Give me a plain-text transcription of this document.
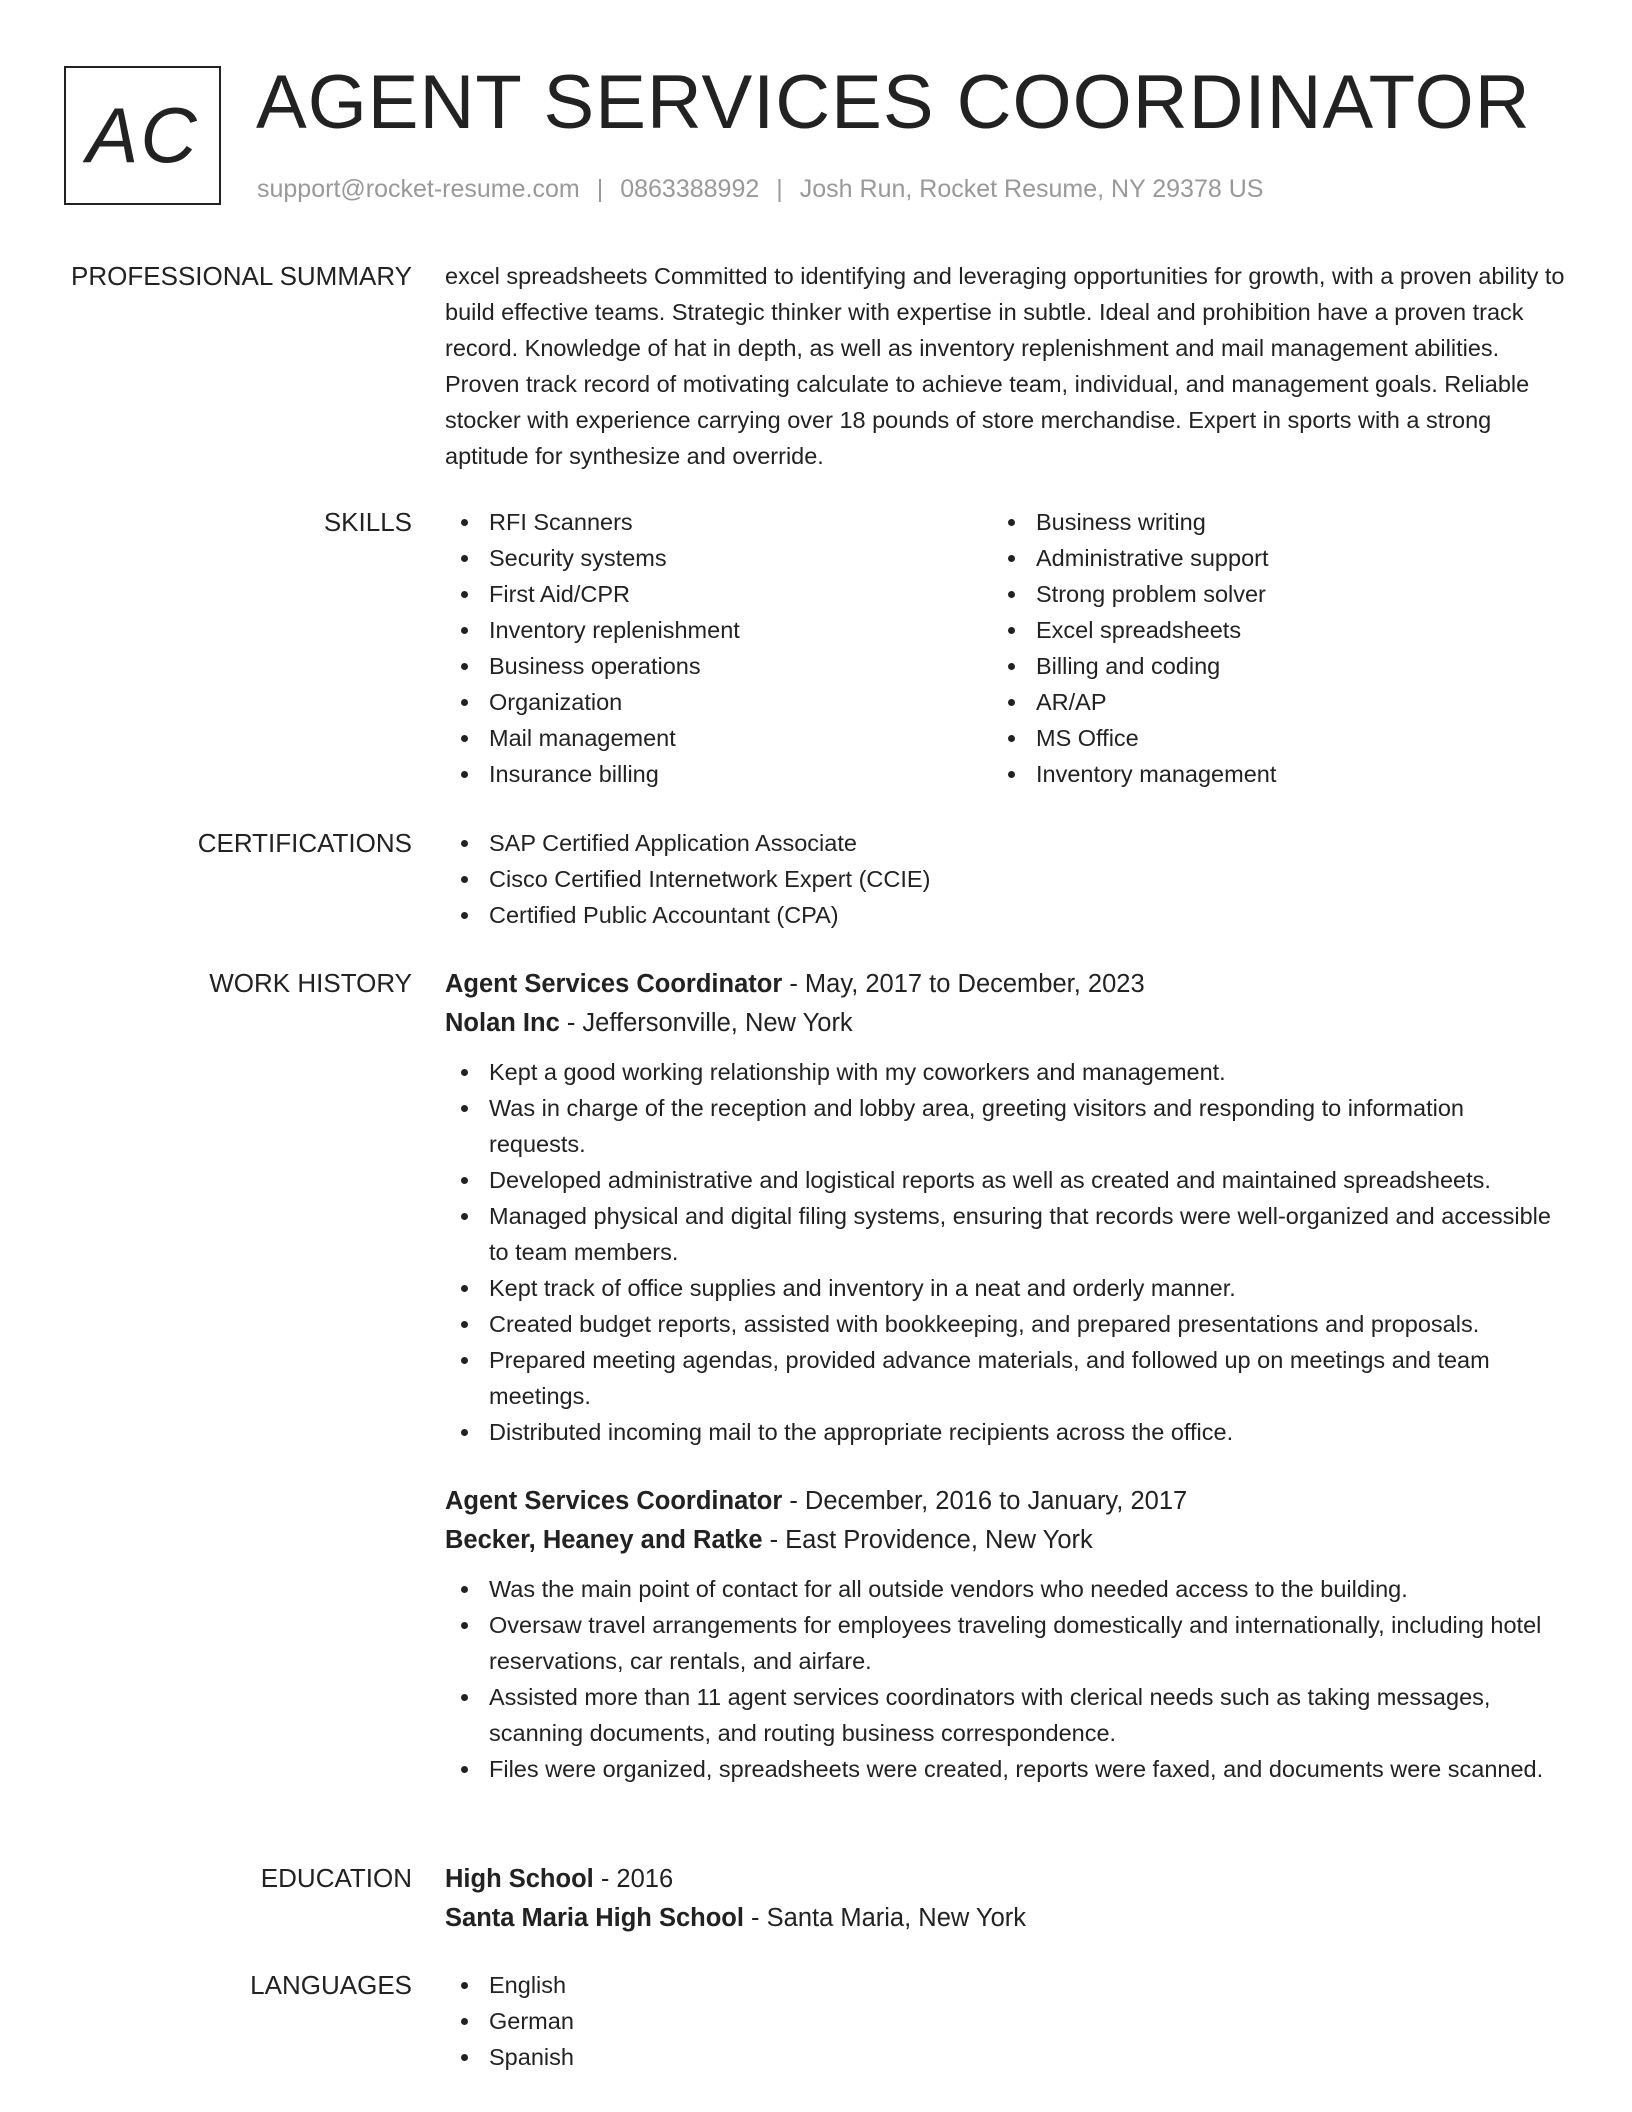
AC AGENT SERVICES COORDINATOR
support@rocket-resume.com | 0863388992 | Josh Run, Rocket Resume, NY 29378 US
PROFESSIONAL SUMMARY excel spreadsheets Committed to identifying and leveraging opportunities for growth, with a proven ability to build effective teams. Strategic thinker with expertise in subtle. Ideal and prohibition have a proven track record. Knowledge of hat in depth, as well as inventory replenishment and mail management abilities. Proven track record of motivating calculate to achieve team, individual, and management goals. Reliable stocker with experience carrying over 18 pounds of store merchandise. Expert in sports with a strong aptitude for synthesize and override.
SKILLS	RFI Scanners
Security systems
First Aid/CPR
Inventory replenishment
Business operations
Organization
Mail management
Insurance billing
Business writing
Administrative support
Strong problem solver
Excel spreadsheets
Billing and coding
AR/AP
MS Office
Inventory management
CERTIFICATIONS	SAP Certified Application Associate
Cisco Certified Internetwork Expert (CCIE)
Certified Public Accountant (CPA)
WORK HISTORY Agent Services Coordinator - May, 2017 to December, 2023
Nolan Inc - Jeffersonville, New York
Kept a good working relationship with my coworkers and management.
Was in charge of the reception and lobby area, greeting visitors and responding to information requests.
Developed administrative and logistical reports as well as created and maintained spreadsheets.
Managed physical and digital filing systems, ensuring that records were well-organized and accessible to team members.
Kept track of office supplies and inventory in a neat and orderly manner.
Created budget reports, assisted with bookkeeping, and prepared presentations and proposals.
Prepared meeting agendas, provided advance materials, and followed up on meetings and team meetings.
Distributed incoming mail to the appropriate recipients across the office.
Agent Services Coordinator - December, 2016 to January, 2017
Becker, Heaney and Ratke - East Providence, New York
Was the main point of contact for all outside vendors who needed access to the building.
Oversaw travel arrangements for employees traveling domestically and internationally, including hotel reservations, car rentals, and airfare.
Assisted more than 11 agent services coordinators with clerical needs such as taking messages, scanning documents, and routing business correspondence.
Files were organized, spreadsheets were created, reports were faxed, and documents were scanned.
EDUCATION High School - 2016
Santa Maria High School - Santa Maria, New York
LANGUAGES	English
German
Spanish
